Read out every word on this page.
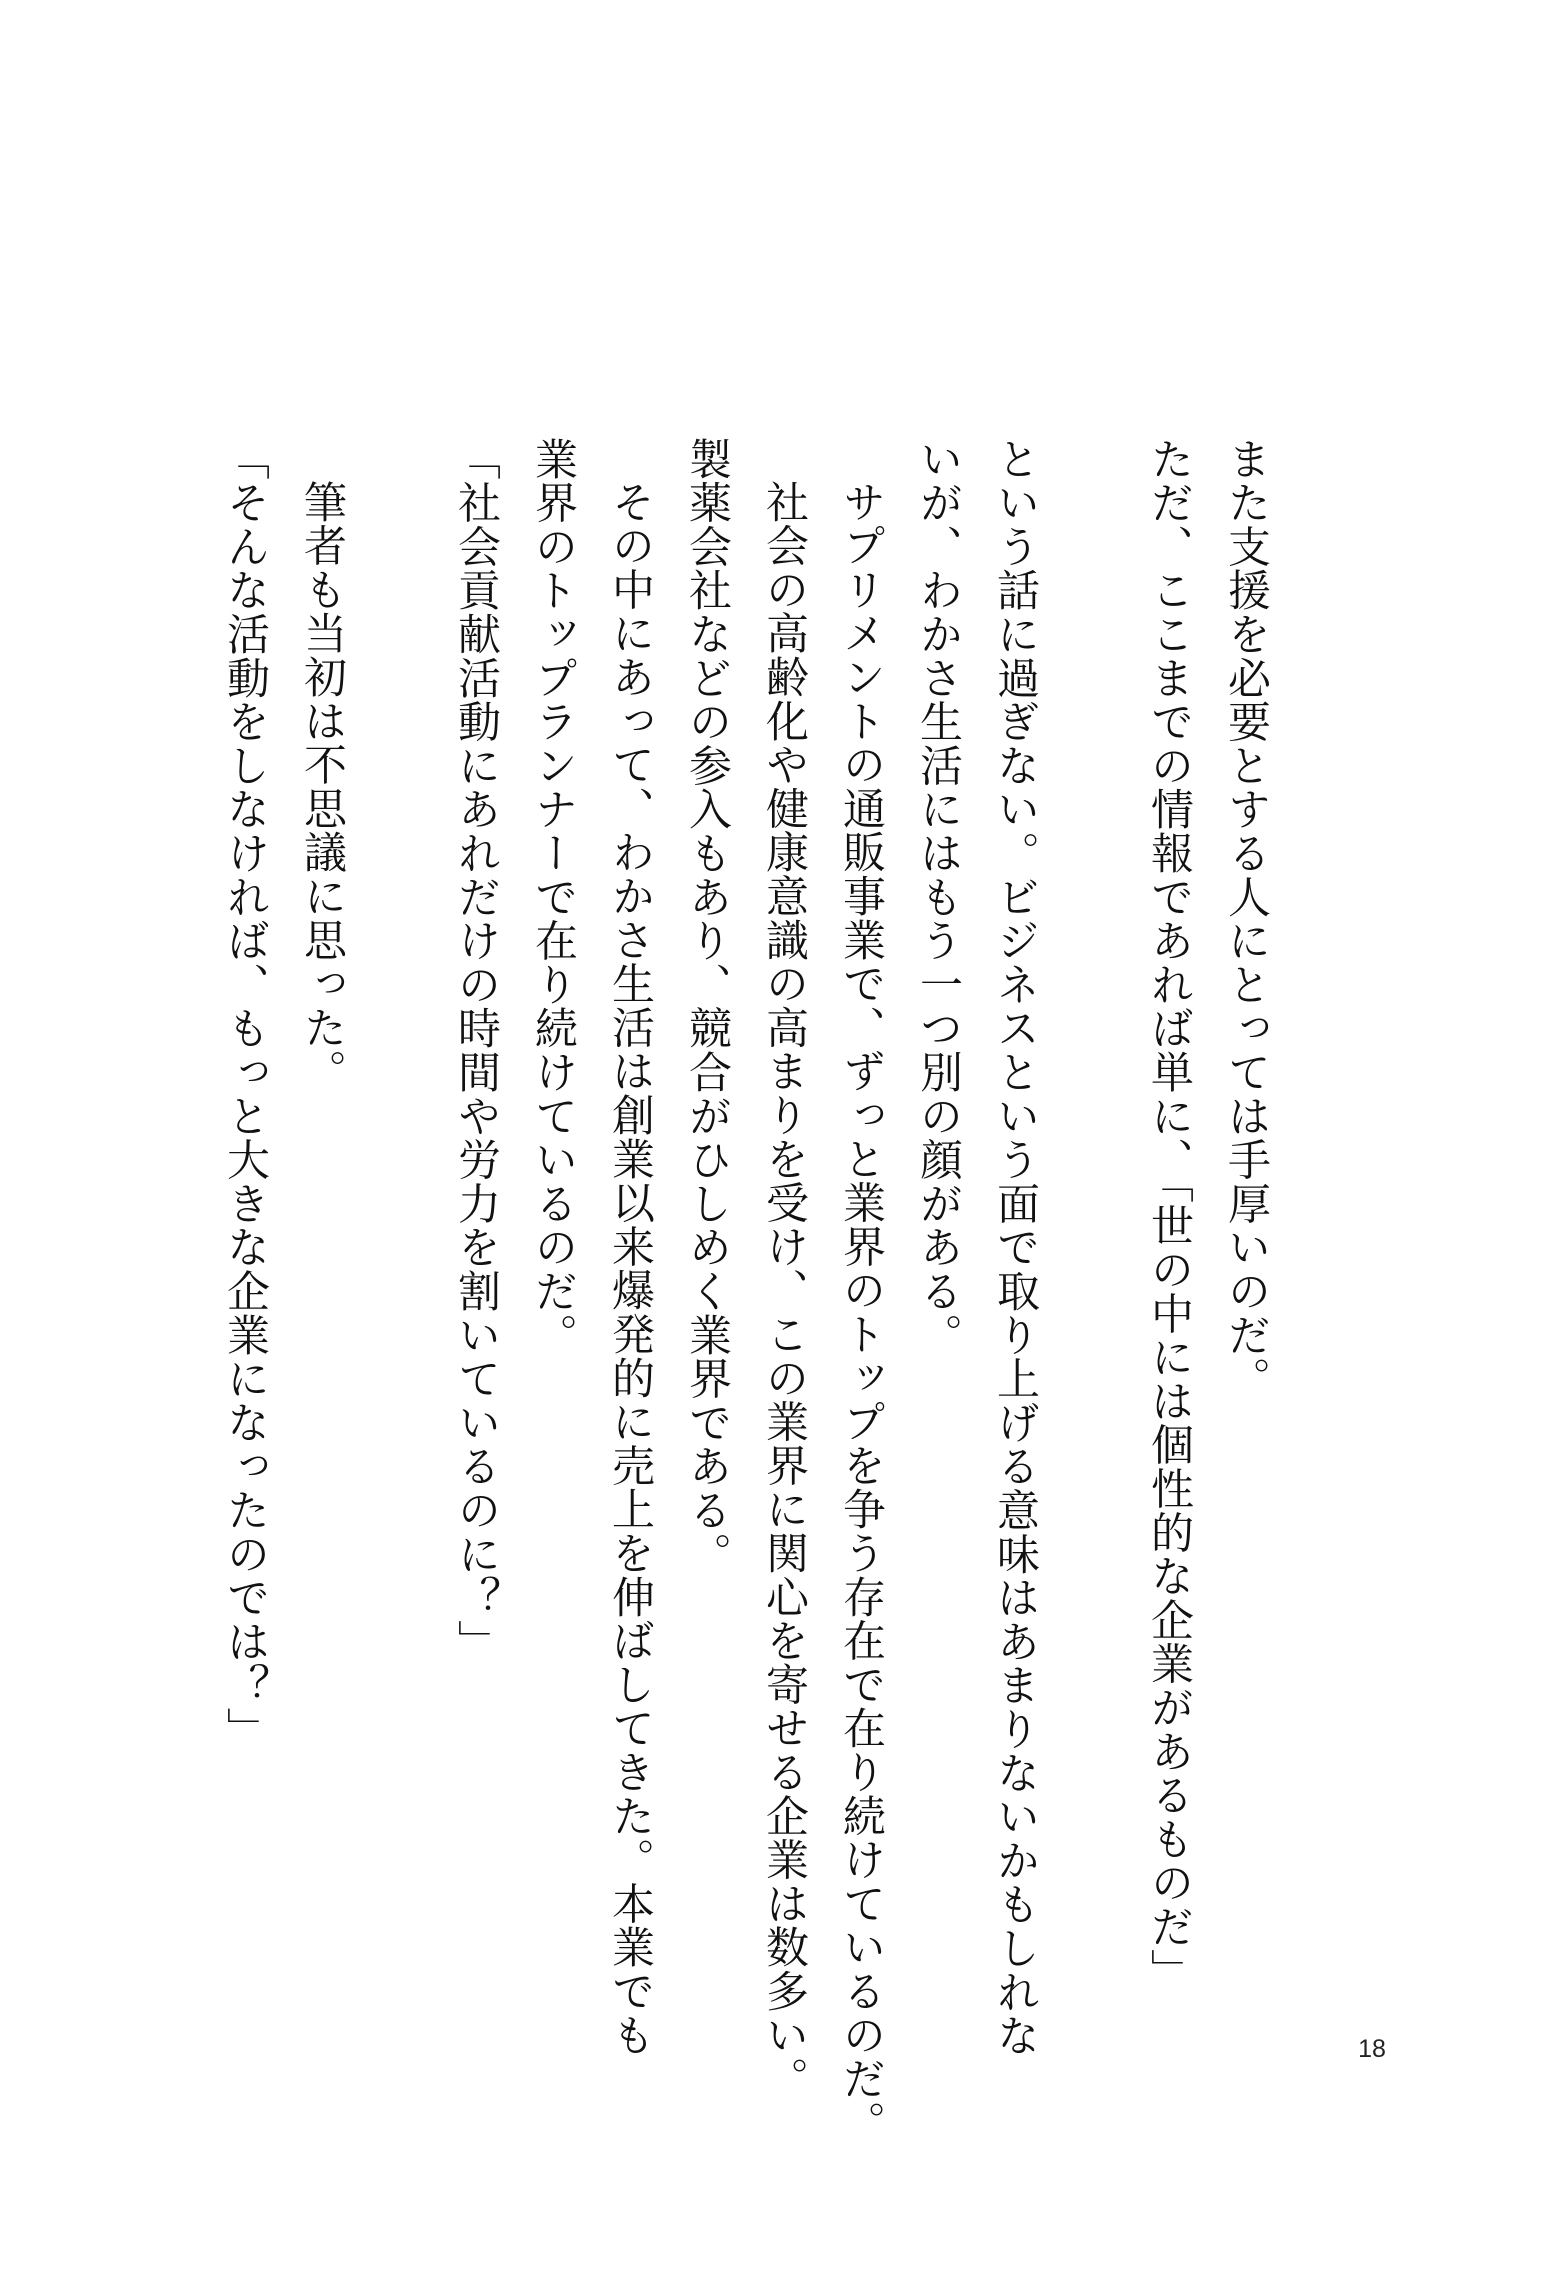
また支援を必要とする人にとっては手厚いのだ。
ただ、ここまでの情報であれば単に、「世の中には個性的な企業があるものだ」
という話に過ぎない。ビジネスという面で取り上げる意味はあまりないかもしれな
いが、わかさ生活にはもう一つ別の顔がある。
サプリメントの通販事業で、ずっと業界のトップを争う存在で在り続けているのだ。
社会の高齢化や健康意識の高まりを受け、この業界に関心を寄せる企業は数多い。
製薬会社などの参入もあり、競合がひしめく業界である。
その中にあって、わかさ生活は創業以来爆発的に売上を伸ばしてきた。本業でも
業界のトップランナーで在り続けているのだ。
「社会貢献活動にあれだけの時間や労力を割いているのに？」
筆者も当初は不思議に思った。
「そんな活動をしなければ、もっと大きな企業になったのでは？」
18
